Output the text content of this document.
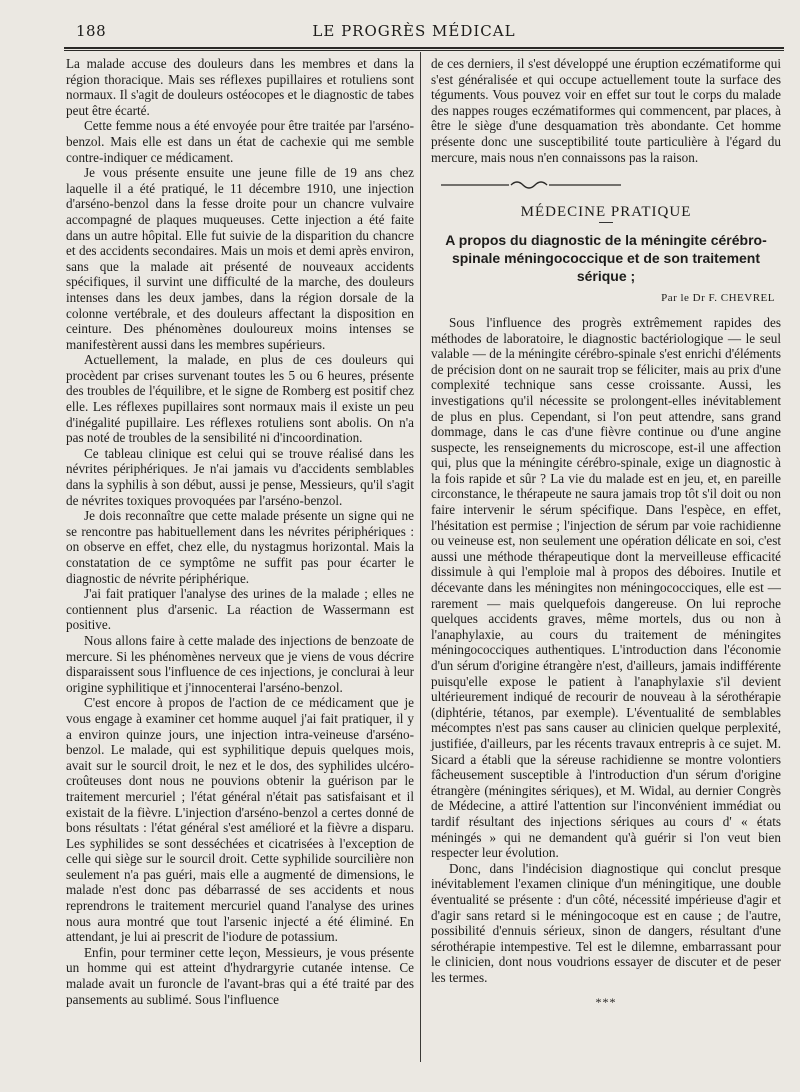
188	LE PROGRÈS MÉDICAL

La malade accuse des douleurs dans les membres et dans la région thoracique. Mais ses réflexes pupillaires et rotuliens sont normaux. Il s'agit de douleurs ostéocopes et le diagnostic de tabes peut être écarté.

Cette femme nous a été envoyée pour être traitée par l'arséno-benzol. Mais elle est dans un état de cachexie qui me semble contre-indiquer ce médicament.

Je vous présente ensuite une jeune fille de 19 ans chez laquelle il a été pratiqué, le 11 décembre 1910, une injection d'arséno-benzol dans la fesse droite pour un chancre vulvaire accompagné de plaques muqueuses. Cette injection a été faite dans un autre hôpital. Elle fut suivie de la disparition du chancre et des accidents secondaires. Mais un mois et demi après environ, sans que la malade ait présenté de nouveaux accidents spécifiques, il survint une difficulté de la marche, des douleurs intenses dans les deux jambes, dans la région dorsale de la colonne vertébrale, et des douleurs affectant la disposition en ceinture. Des phénomènes douloureux moins intenses se manifestèrent aussi dans les membres supérieurs.

Actuellement, la malade, en plus de ces douleurs qui procèdent par crises survenant toutes les 5 ou 6 heures, présente des troubles de l'équilibre, et le signe de Romberg est positif chez elle. Les réflexes pupillaires sont normaux mais il existe un peu d'inégalité pupillaire. Les réflexes rotuliens sont abolis. On n'a pas noté de troubles de la sensibilité ni d'incoordination.

Ce tableau clinique est celui qui se trouve réalisé dans les névrites périphériques. Je n'ai jamais vu d'accidents semblables dans la syphilis à son début, aussi je pense, Messieurs, qu'il s'agit de névrites toxiques provoquées par l'arséno-benzol.

Je dois reconnaître que cette malade présente un signe qui ne se rencontre pas habituellement dans les névrites périphériques : on observe en effet, chez elle, du nystagmus horizontal. Mais la constatation de ce symptôme ne suffit pas pour écarter le diagnostic de névrite périphérique.

J'ai fait pratiquer l'analyse des urines de la malade ; elles ne contiennent plus d'arsenic. La réaction de Wassermann est positive.

Nous allons faire à cette malade des injections de benzoate de mercure. Si les phénomènes nerveux que je viens de vous décrire disparaissent sous l'influence de ces injections, je conclurai à leur origine syphilitique et j'innocenterai l'arséno-benzol.

C'est encore à propos de l'action de ce médicament que je vous engage à examiner cet homme auquel j'ai fait pratiquer, il y a environ quinze jours, une injection intra-veineuse d'arséno-benzol. Le malade, qui est syphilitique depuis quelques mois, avait sur le sourcil droit, le nez et le dos, des syphilides ulcéro-croûteuses dont nous ne pouvions obtenir la guérison par le traitement mercuriel ; l'état général n'était pas satisfaisant et il existait de la fièvre. L'injection d'arséno-benzol a certes donné de bons résultats : l'état général s'est amélioré et la fièvre a disparu. Les syphilides se sont desséchées et cicatrisées à l'exception de celle qui siège sur le sourcil droit. Cette syphilide sourcilière non seulement n'a pas guéri, mais elle a augmenté de dimensions, le malade n'est donc pas débarrassé de ses accidents et nous reprendrons le traitement mercuriel quand l'analyse des urines nous aura montré que tout l'arsenic injecté a été éliminé. En attendant, je lui ai prescrit de l'iodure de potassium.

Enfin, pour terminer cette leçon, Messieurs, je vous présente un homme qui est atteint d'hydrargyrie cutanée intense. Ce malade avait un furoncle de l'avant-bras qui a été traité par des pansements au sublimé. Sous l'influence

de ces derniers, il s'est développé une éruption eczématiforme qui s'est généralisée et qui occupe actuellement toute la surface des téguments. Vous pouvez voir en effet sur tout le corps du malade des nappes rouges eczématiformes qui commencent, par places, à être le siège d'une desquamation très abondante. Cet homme présente donc une susceptibilité toute particulière à l'égard du mercure, mais nous n'en connaissons pas la raison.

MÉDECINE PRATIQUE
A propos du diagnostic de la méningite cérébro-spinale méningococcique et de son traitement sérique ;
Par le Dr F. CHEVREL

Sous l'influence des progrès extrêmement rapides des méthodes de laboratoire, le diagnostic bactériologique — le seul valable — de la méningite cérébro-spinale s'est enrichi d'éléments de précision dont on ne saurait trop se féliciter, mais au prix d'une complexité technique sans cesse croissante. Aussi, les investigations qu'il nécessite se prolongent-elles inévitablement de plus en plus. Cependant, si l'on peut attendre, sans grand dommage, dans le cas d'une fièvre continue ou d'une angine suspecte, les renseignements du microscope, est-il une affection qui, plus que la méningite cérébro-spinale, exige un diagnostic à la fois rapide et sûr ? La vie du malade est en jeu, et, en pareille circonstance, le thérapeute ne saura jamais trop tôt s'il doit ou non faire intervenir le sérum spécifique. Dans l'espèce, en effet, l'hésitation est permise ; l'injection de sérum par voie rachidienne ou veineuse est, non seulement une opération délicate en soi, c'est aussi une méthode thérapeutique dont la merveilleuse efficacité dissimule à qui l'emploie mal à propos des déboires. Inutile et décevante dans les méningites non méningococciques, elle est — rarement — mais quelquefois dangereuse. On lui reproche quelques accidents graves, même mortels, dus ou non à l'anaphylaxie, au cours du traitement de méningites méningococciques authentiques. L'introduction dans l'économie d'un sérum d'origine étrangère n'est, d'ailleurs, jamais indifférente puisqu'elle expose le patient à l'anaphylaxie s'il devient ultérieurement indiqué de recourir de nouveau à la sérothérapie (diphtérie, tétanos, par exemple). L'éventualité de semblables mécomptes n'est pas sans causer au clinicien quelque perplexité, justifiée, d'ailleurs, par les récents travaux entrepris à ce sujet. M. Sicard a établi que la séreuse rachidienne se montre volontiers fâcheusement susceptible à l'introduction d'un sérum d'origine étrangère (méningites sériques), et M. Widal, au dernier Congrès de Médecine, a attiré l'attention sur l'inconvénient immédiat ou tardif résultant des injections sériques au cours d' « états méningés » qui ne demandent qu'à guérir si l'on veut bien respecter leur évolution.

Donc, dans l'indécision diagnostique qui conclut presque inévitablement l'examen clinique d'un méningitique, une double éventualité se présente : d'un côté, nécessité impérieuse d'agir et d'agir sans retard si le méningocoque est en cause ; de l'autre, possibilité d'ennuis sérieux, sinon de dangers, résultant d'une sérothérapie intempestive. Tel est le dilemne, embarrassant pour le clinicien, dont nous voudrions essayer de discuter et de peser les termes.

***
